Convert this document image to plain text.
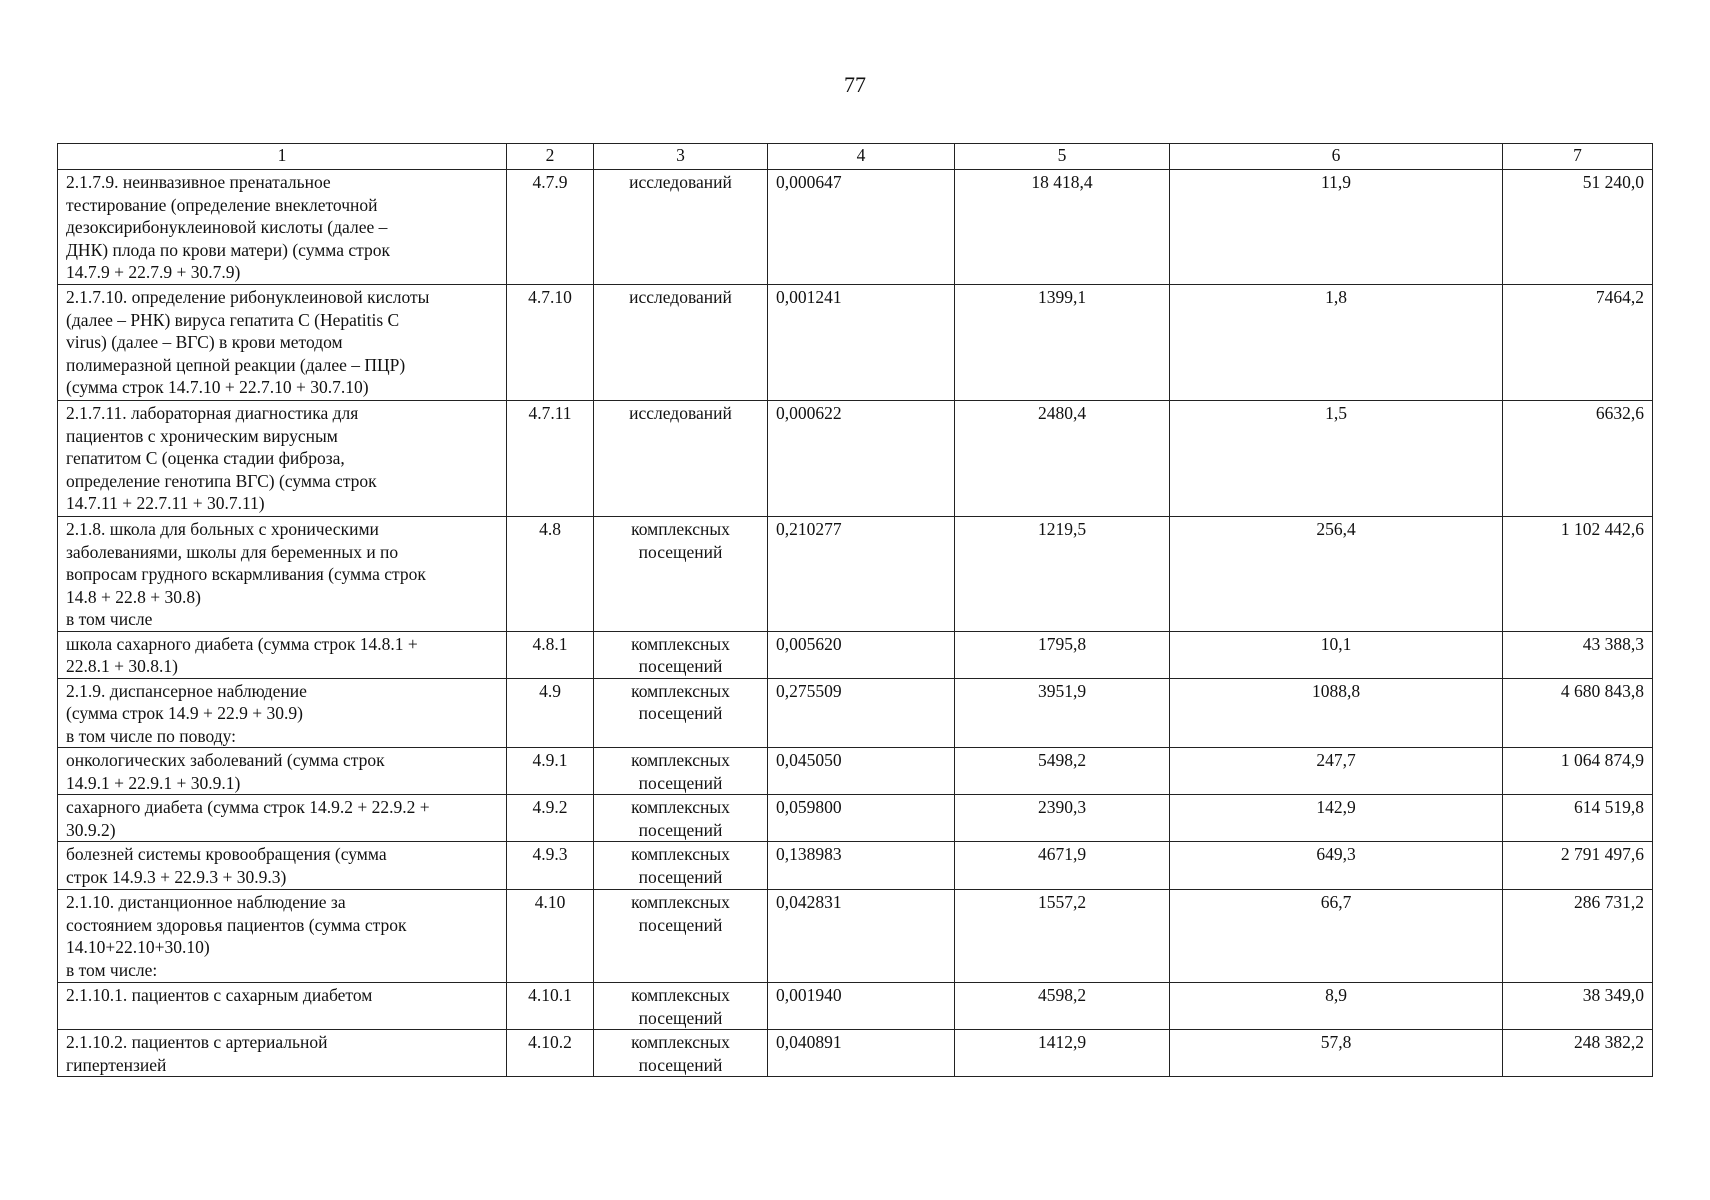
77
1	2	3	4	5	6	7

2.1.7.9. неинвазивное пренатальное
тестирование (определение внеклеточной
дезоксирибонуклеиновой кислоты (далее –
ДНК) плода по крови матери) (сумма строк
14.7.9 + 22.7.9 + 30.7.9)	4.7.9	исследований	0,000647	18 418,4	11,9	51 240,0

2.1.7.10. определение рибонуклеиновой кислоты
(далее – РНК) вируса гепатита С (Hepatitis C
virus) (далее – ВГС) в крови методом
полимеразной цепной реакции (далее – ПЦР)
(сумма строк 14.7.10 + 22.7.10 + 30.7.10)	4.7.10	исследований	0,001241	1399,1	1,8	7464,2

2.1.7.11. лабораторная диагностика для
пациентов с хроническим вирусным
гепатитом С (оценка стадии фиброза,
определение генотипа ВГС) (сумма строк
14.7.11 + 22.7.11 + 30.7.11)	4.7.11	исследований	0,000622	2480,4	1,5	6632,6

2.1.8. школа для больных с хроническими
заболеваниями, школы для беременных и по
вопросам грудного вскармливания (сумма строк
14.8 + 22.8 + 30.8)
в том числе	4.8	комплексных
посещений	0,210277	1219,5	256,4	1 102 442,6

школа сахарного диабета (сумма строк 14.8.1 +
22.8.1 + 30.8.1)	4.8.1	комплексных
посещений	0,005620	1795,8	10,1	43 388,3

2.1.9. диспансерное наблюдение
(сумма строк 14.9 + 22.9 + 30.9)
в том числе по поводу:	4.9	комплексных
посещений	0,275509	3951,9	1088,8	4 680 843,8

онкологических заболеваний (сумма строк
14.9.1 + 22.9.1 + 30.9.1)	4.9.1	комплексных
посещений	0,045050	5498,2	247,7	1 064 874,9

сахарного диабета (сумма строк 14.9.2 + 22.9.2 +
30.9.2)	4.9.2	комплексных
посещений	0,059800	2390,3	142,9	614 519,8

болезней системы кровообращения (сумма
строк 14.9.3 + 22.9.3 + 30.9.3)	4.9.3	комплексных
посещений	0,138983	4671,9	649,3	2 791 497,6

2.1.10. дистанционное наблюдение за
состоянием здоровья пациентов (сумма строк
14.10+22.10+30.10)
в том числе:	4.10	комплексных
посещений	0,042831	1557,2	66,7	286 731,2

2.1.10.1. пациентов с сахарным диабетом	4.10.1	комплексных
посещений	0,001940	4598,2	8,9	38 349,0

2.1.10.2. пациентов с артериальной
гипертензией	4.10.2	комплексных
посещений	0,040891	1412,9	57,8	248 382,2
